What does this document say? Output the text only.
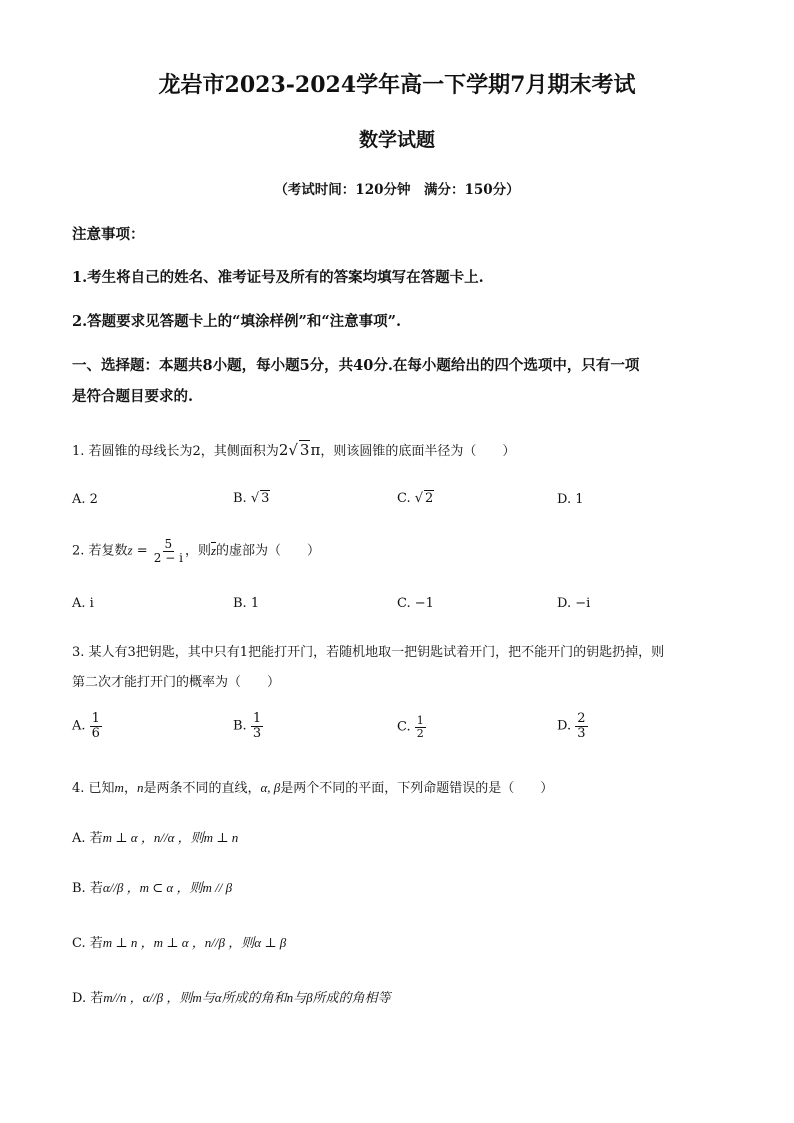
龙岩市2023-2024学年高一下学期7月期末考试
数学试题
（考试时间：120分钟　满分：150分）
注意事项：
1.考生将自己的姓名、准考证号及所有的答案均填写在答题卡上.
2.答题要求见答题卡上的“填涂样例”和“注意事项”.
一、选择题：本题共8小题，每小题5分，共40分.在每小题给出的四个选项中，只有一项
是符合题目要求的.
1. 若圆锥的母线长为2，其侧面积为2√ 3π，则该圆锥的底面半径为（　　）
A. 2	B. √ 3	C. √ 2	D. 1
2. 若复数$z = \frac{5}{2 - i}$ ，则z的虚部为（　　）
A. i	B. 1	C. −1	D. −i
3. 某人有3把钥匙，其中只有1把能打开门，若随机地取一把钥匙试着开门，把不能开门的钥匙扔掉，则
第二次才能打开门的概率为（　　）
A. $\frac{1}{6}$	B. $\frac{1}{3}$	C. $\frac{1}{2}$	D. $\frac{2}{3}$
4. 已知m，n是两条不同的直线，α, β是两个不同的平面，下列命题错误的是（　　）
A. 若m ⊥ α ，n//α ，则m ⊥ n
B. 若α//β ，m ⊂ α ，则m // β
C. 若m ⊥ n ，m ⊥ α ，n//β ，则α ⊥ β
D. 若m//n ，α//β ，则m与α所成的角和n与β所成的角相等
